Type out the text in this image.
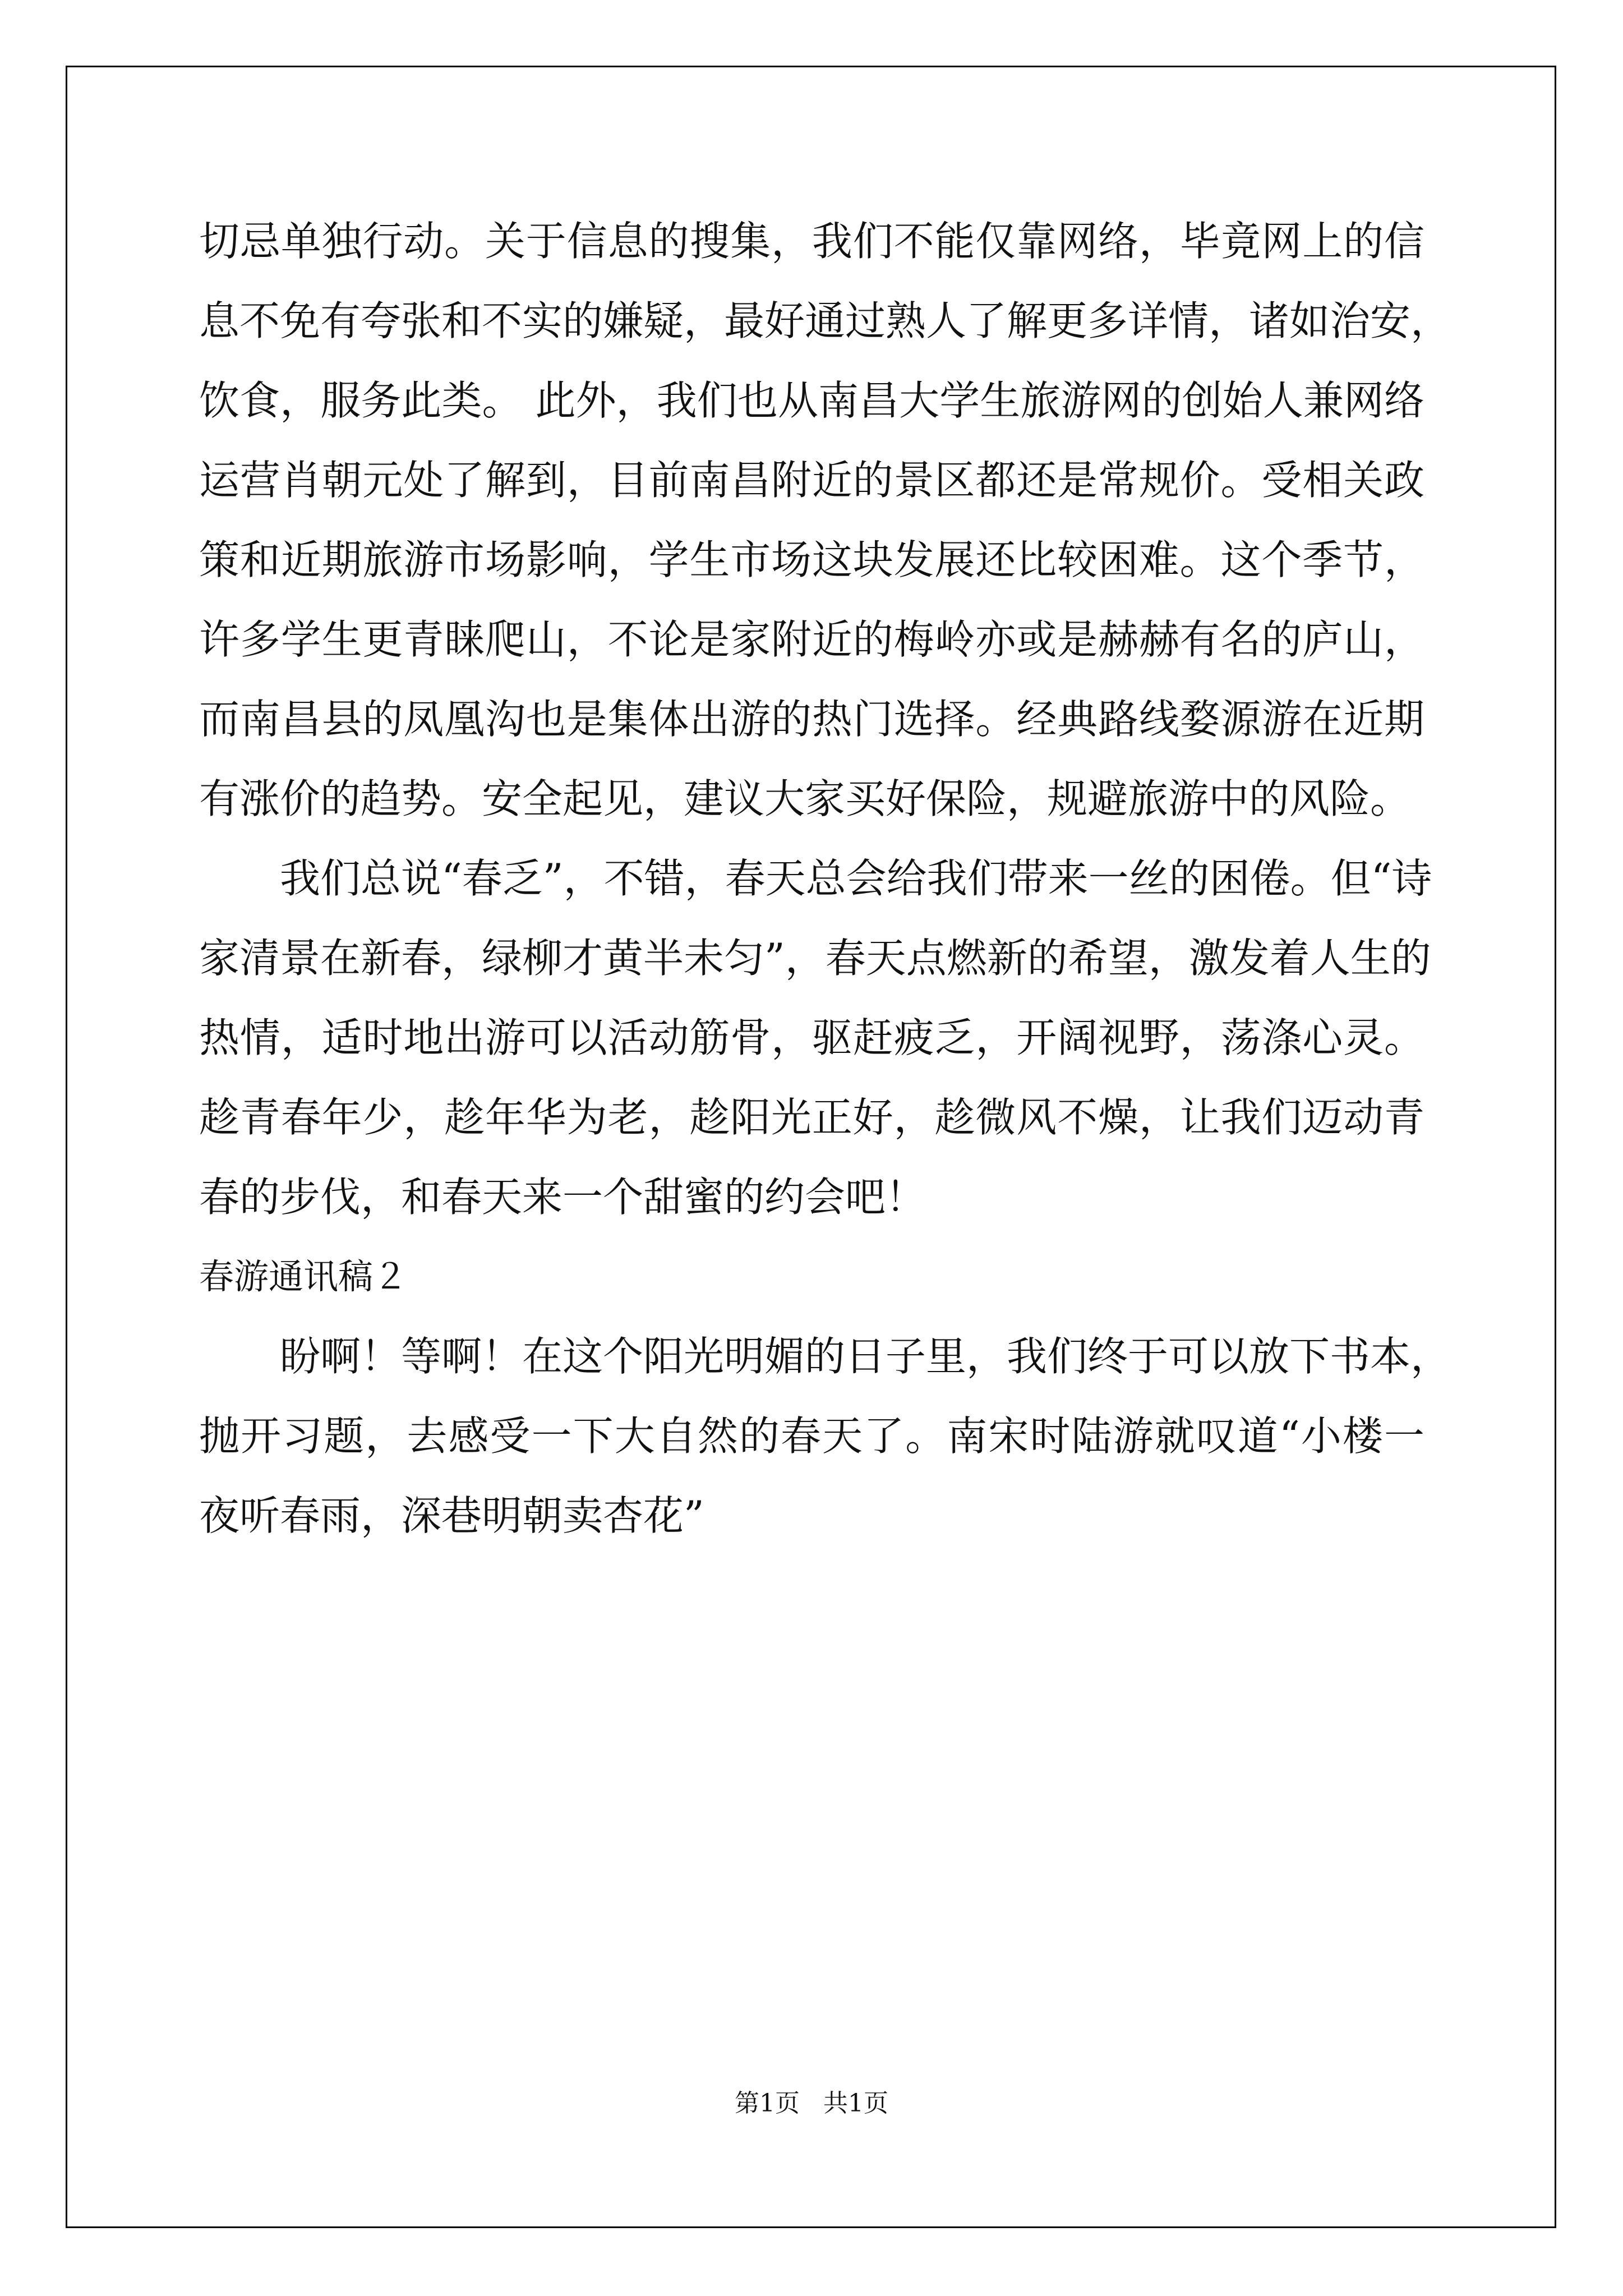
切忌单独行动。关于信息的搜集，我们不能仅靠网络，毕竟网上的信
息不免有夸张和不实的嫌疑，最好通过熟人了解更多详情，诸如治安，
饮食，服务此类。 此外，我们也从南昌大学生旅游网的创始人兼网络
运营肖朝元处了解到，目前南昌附近的景区都还是常规价。受相关政
策和近期旅游市场影响，学生市场这块发展还比较困难。这个季节，
许多学生更青睐爬山，不论是家附近的梅岭亦或是赫赫有名的庐山，
而南昌县的凤凰沟也是集体出游的热门选择。经典路线婺源游在近期
有涨价的趋势。安全起见，建议大家买好保险，规避旅游中的风险。
我们总说“春乏”，不错，春天总会给我们带来一丝的困倦。但“诗
家清景在新春，绿柳才黄半未匀”，春天点燃新的希望，激发着人生的
热情，适时地出游可以活动筋骨，驱赶疲乏，开阔视野，荡涤心灵。
趁青春年少，趁年华为老，趁阳光正好，趁微风不燥，让我们迈动青
春的步伐，和春天来一个甜蜜的约会吧！
春游通讯稿２
盼啊！等啊！在这个阳光明媚的日子里，我们终于可以放下书本，
抛开习题，去感受一下大自然的春天了。南宋时陆游就叹道“小楼一
夜听春雨，深巷明朝卖杏花”
第1页 共1页
